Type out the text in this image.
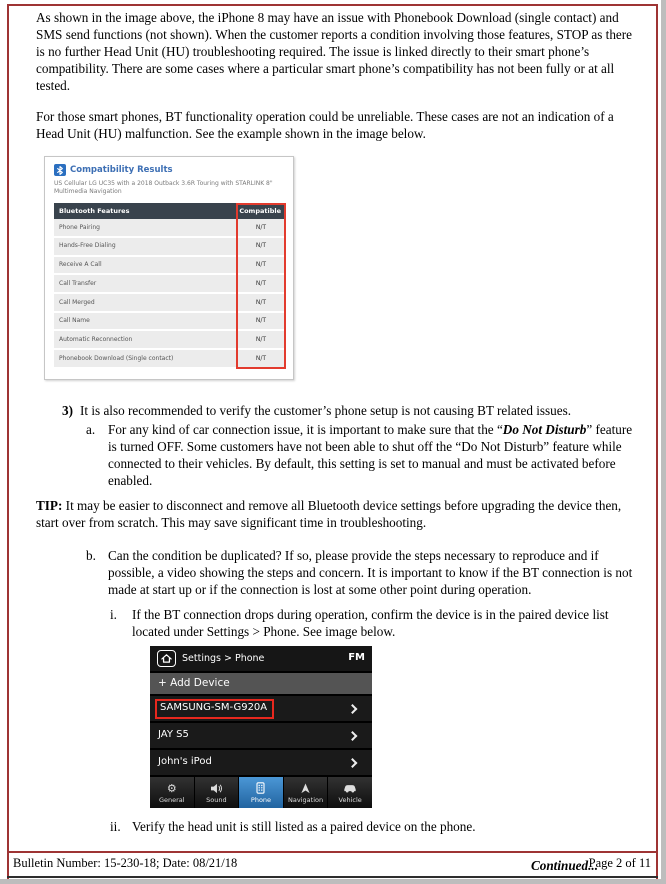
As shown in the image above, the iPhone 8 may have an issue with Phonebook Download (single contact) and SMS send functions (not shown). When the customer reports a condition involving those features, STOP as there is no further Head Unit (HU) troubleshooting required. The issue is linked directly to their smart phone’s compatibility. There are some cases where a particular smart phone’s compatibility has not been fully or at all tested.

For those smart phones, BT functionality operation could be unreliable. These cases are not an indication of a Head Unit (HU) malfunction. See the example shown in the image below.

Compatibility Results
US Cellular LG UC35 with a 2018 Outback 3.6R Touring with STARLINK 8" Multimedia Navigation
Bluetooth Features	Compatible
Phone Pairing	N/T
Hands-Free Dialing	N/T
Receive A Call	N/T
Call Transfer	N/T
Call Merged	N/T
Call Name	N/T
Automatic Reconnection	N/T
Phonebook Download (Single contact)	N/T
3) It is also recommended to verify the customer’s phone setup is not causing BT related issues.
a. For any kind of car connection issue, it is important to make sure that the “Do Not Disturb” feature is turned OFF. Some customers have not been able to shut off the “Do Not Disturb” feature while connected to their vehicles. By default, this setting is set to manual and must be activated before enabled.

TIP: It may be easier to disconnect and remove all Bluetooth device settings before upgrading the device then, start over from scratch. This may save significant time in troubleshooting.

b. Can the condition be duplicated? If so, please provide the steps necessary to reproduce and if possible, a video showing the steps and concern. It is important to know if the BT connection is not made at start up or if the connection is lost at some other point during operation.
i.	If the BT connection drops during operation, confirm the device is in the paired device list located under Settings > Phone. See image below.
Settings > Phone	FM
+ Add Device
SAMSUNG-SM-G920A
JAY S5
John's iPod
⚙
General	Sound	Phone	Navigation Vehicle
ii. Verify the head unit is still listed as a paired device on the phone.
Continued...
Bulletin Number: 15-230-18; Date: 08/21/18	Page 2 of 11
